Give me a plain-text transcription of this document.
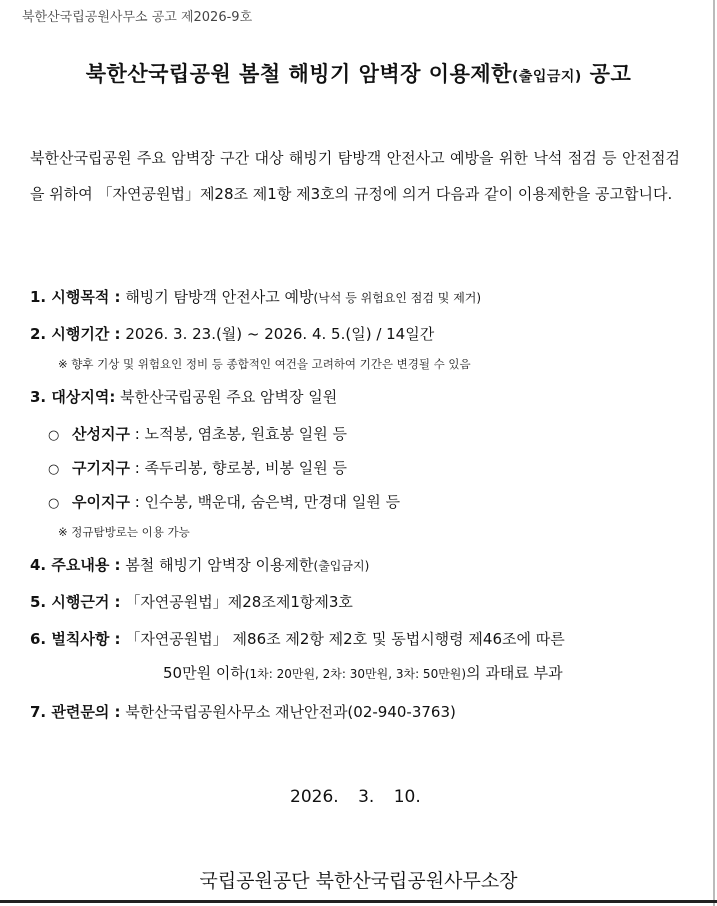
북한산국립공원사무소 공고 제2026-9호
북한산국립공원 봄철 해빙기 암벽장 이용제한(출입금지) 공고
북한산국립공원 주요 암벽장 구간 대상 해빙기 탐방객 안전사고 예방을 위한 낙석 점검 등 안전점검을 위하여 「자연공원법」제28조 제1항 제3호의 규정에 의거 다음과 같이 이용제한을 공고합니다.
1. 시행목적 : 해빙기 탐방객 안전사고 예방(낙석 등 위험요인 점검 및 제거)
2. 시행기간 : 2026. 3. 23.(월) ~ 2026. 4. 5.(일) / 14일간
※ 향후 기상 및 위험요인 정비 등 종합적인 여건을 고려하여 기간은 변경될 수 있음
3. 대상지역: 북한산국립공원 주요 암벽장 일원
○ 산성지구 : 노적봉, 염초봉, 원효봉 일원 등
○ 구기지구 : 족두리봉, 향로봉, 비봉 일원 등
○ 우이지구 : 인수봉, 백운대, 숨은벽, 만경대 일원 등
※ 정규탐방로는 이용 가능
4. 주요내용 : 봄철 해빙기 암벽장 이용제한(출입금지)
5. 시행근거 : 「자연공원법」제28조제1항제3호
6. 벌칙사항 : 「자연공원법」 제86조 제2항 제2호 및 동법시행령 제46조에 따른
50만원 이하(1차: 20만원, 2차: 30만원, 3차: 50만원)의 과태료 부과
7. 관련문의 : 북한산국립공원사무소 재난안전과(02-940-3763)
2026. 3. 10.
국립공원공단 북한산국립공원사무소장
